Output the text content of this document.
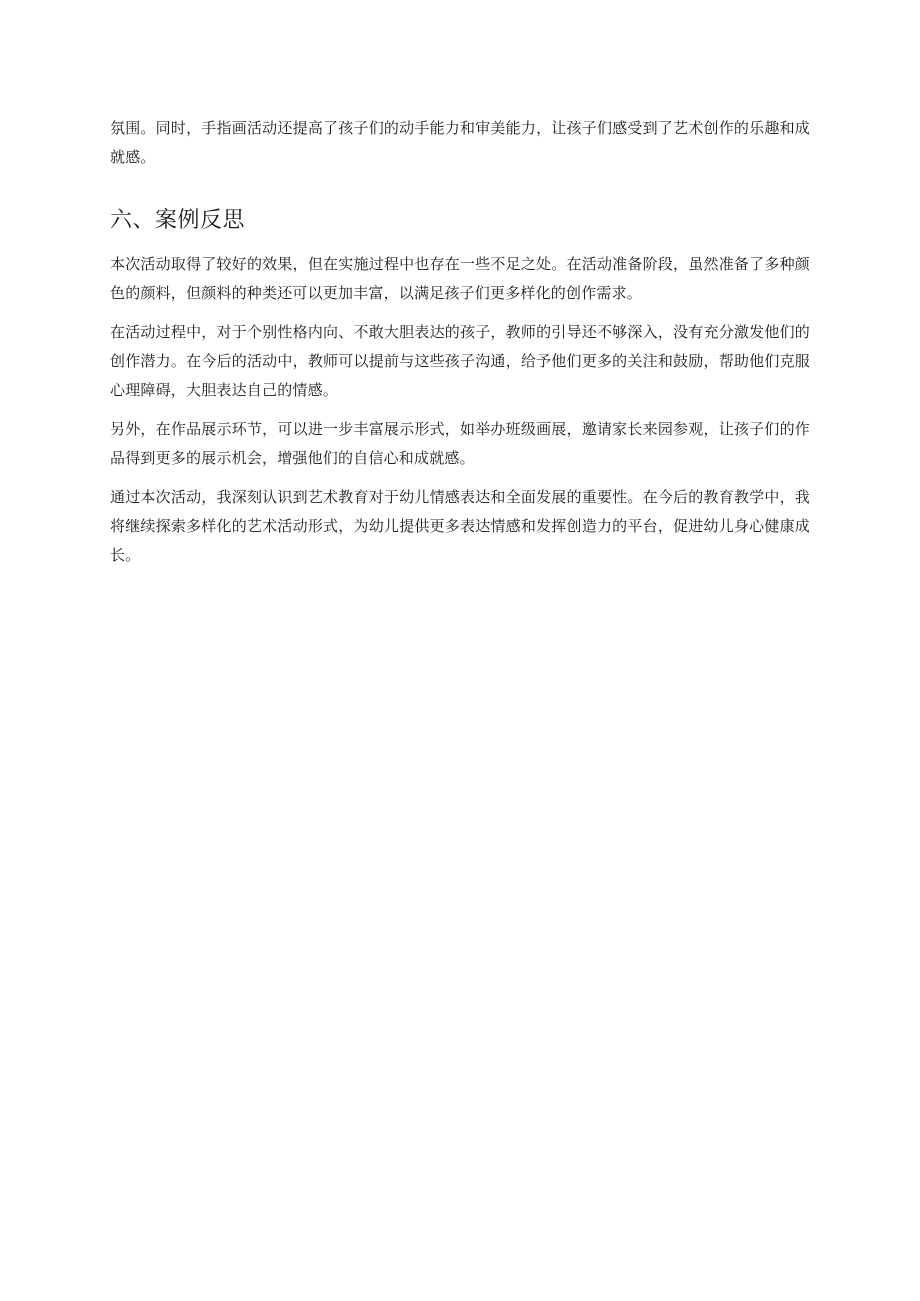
氛围。同时，手指画活动还提高了孩子们的动手能力和审美能力，让孩子们感受到了艺术创作的乐趣和成就感。

六、案例反思

本次活动取得了较好的效果，但在实施过程中也存在一些不足之处。在活动准备阶段，虽然准备了多种颜色的颜料，但颜料的种类还可以更加丰富，以满足孩子们更多样化的创作需求。

在活动过程中，对于个别性格内向、不敢大胆表达的孩子，教师的引导还不够深入，没有充分激发他们的创作潜力。在今后的活动中，教师可以提前与这些孩子沟通，给予他们更多的关注和鼓励，帮助他们克服心理障碍，大胆表达自己的情感。

另外，在作品展示环节，可以进一步丰富展示形式，如举办班级画展，邀请家长来园参观，让孩子们的作品得到更多的展示机会，增强他们的自信心和成就感。

通过本次活动，我深刻认识到艺术教育对于幼儿情感表达和全面发展的重要性。在今后的教育教学中，我将继续探索多样化的艺术活动形式，为幼儿提供更多表达情感和发挥创造力的平台，促进幼儿身心健康成长。
